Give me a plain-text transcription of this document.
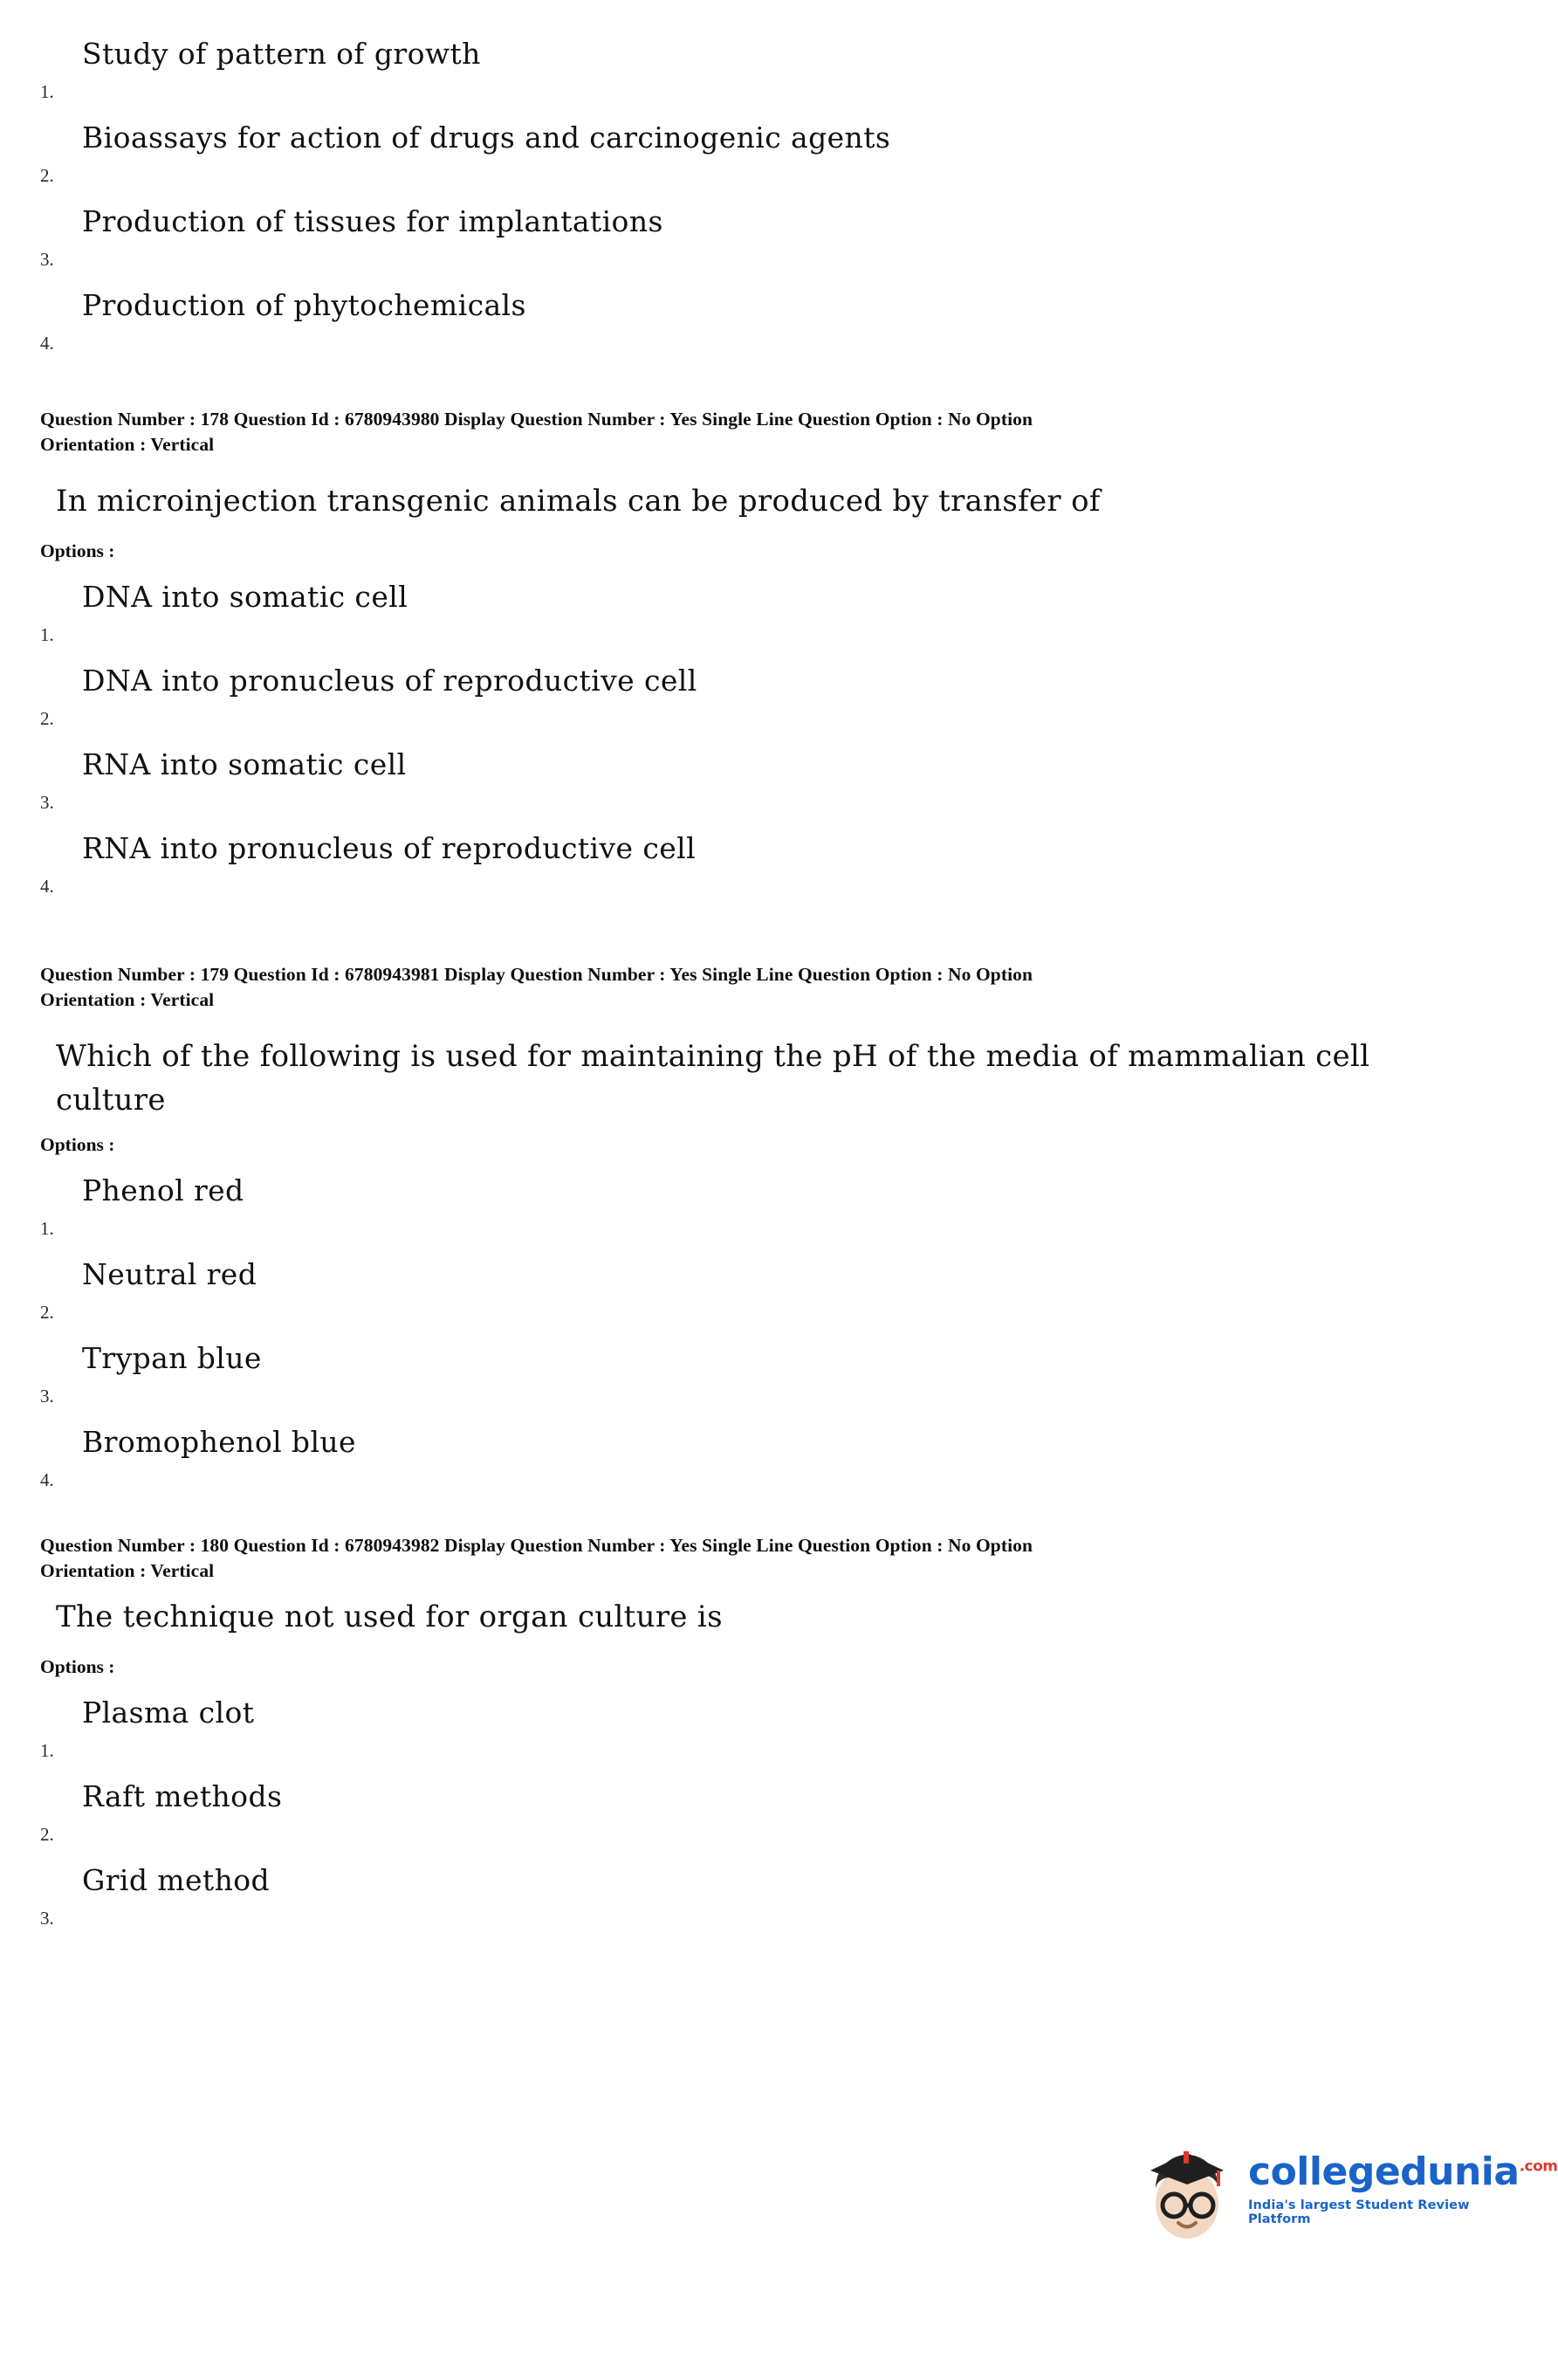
1.
Study of pattern of growth
2.
Bioassays for action of drugs and carcinogenic agents
3.
Production of tissues for implantations
4.
Production of phytochemicals
Question Number : 178 Question Id : 6780943980 Display Question Number : Yes Single Line Question Option : No Option
Orientation : Vertical
In microinjection transgenic animals can be produced by transfer of
Options :
1.
DNA into somatic cell
2.
DNA into pronucleus of reproductive cell
3.
RNA into somatic cell
4.
RNA into pronucleus of reproductive cell
Question Number : 179 Question Id : 6780943981 Display Question Number : Yes Single Line Question Option : No Option
Orientation : Vertical
Which of the following is used for maintaining the pH of the media of mammalian cell culture
Options :
1.
Phenol red
2.
Neutral red
3.
Trypan blue
4.
Bromophenol blue
Question Number : 180 Question Id : 6780943982 Display Question Number : Yes Single Line Question Option : No Option
Orientation : Vertical
The technique not used for organ culture is
Options :
1.
Plasma clot
2.
Raft methods
3.
Grid method
collegedunia$^{.com}$
India's largest Student Review Platform
